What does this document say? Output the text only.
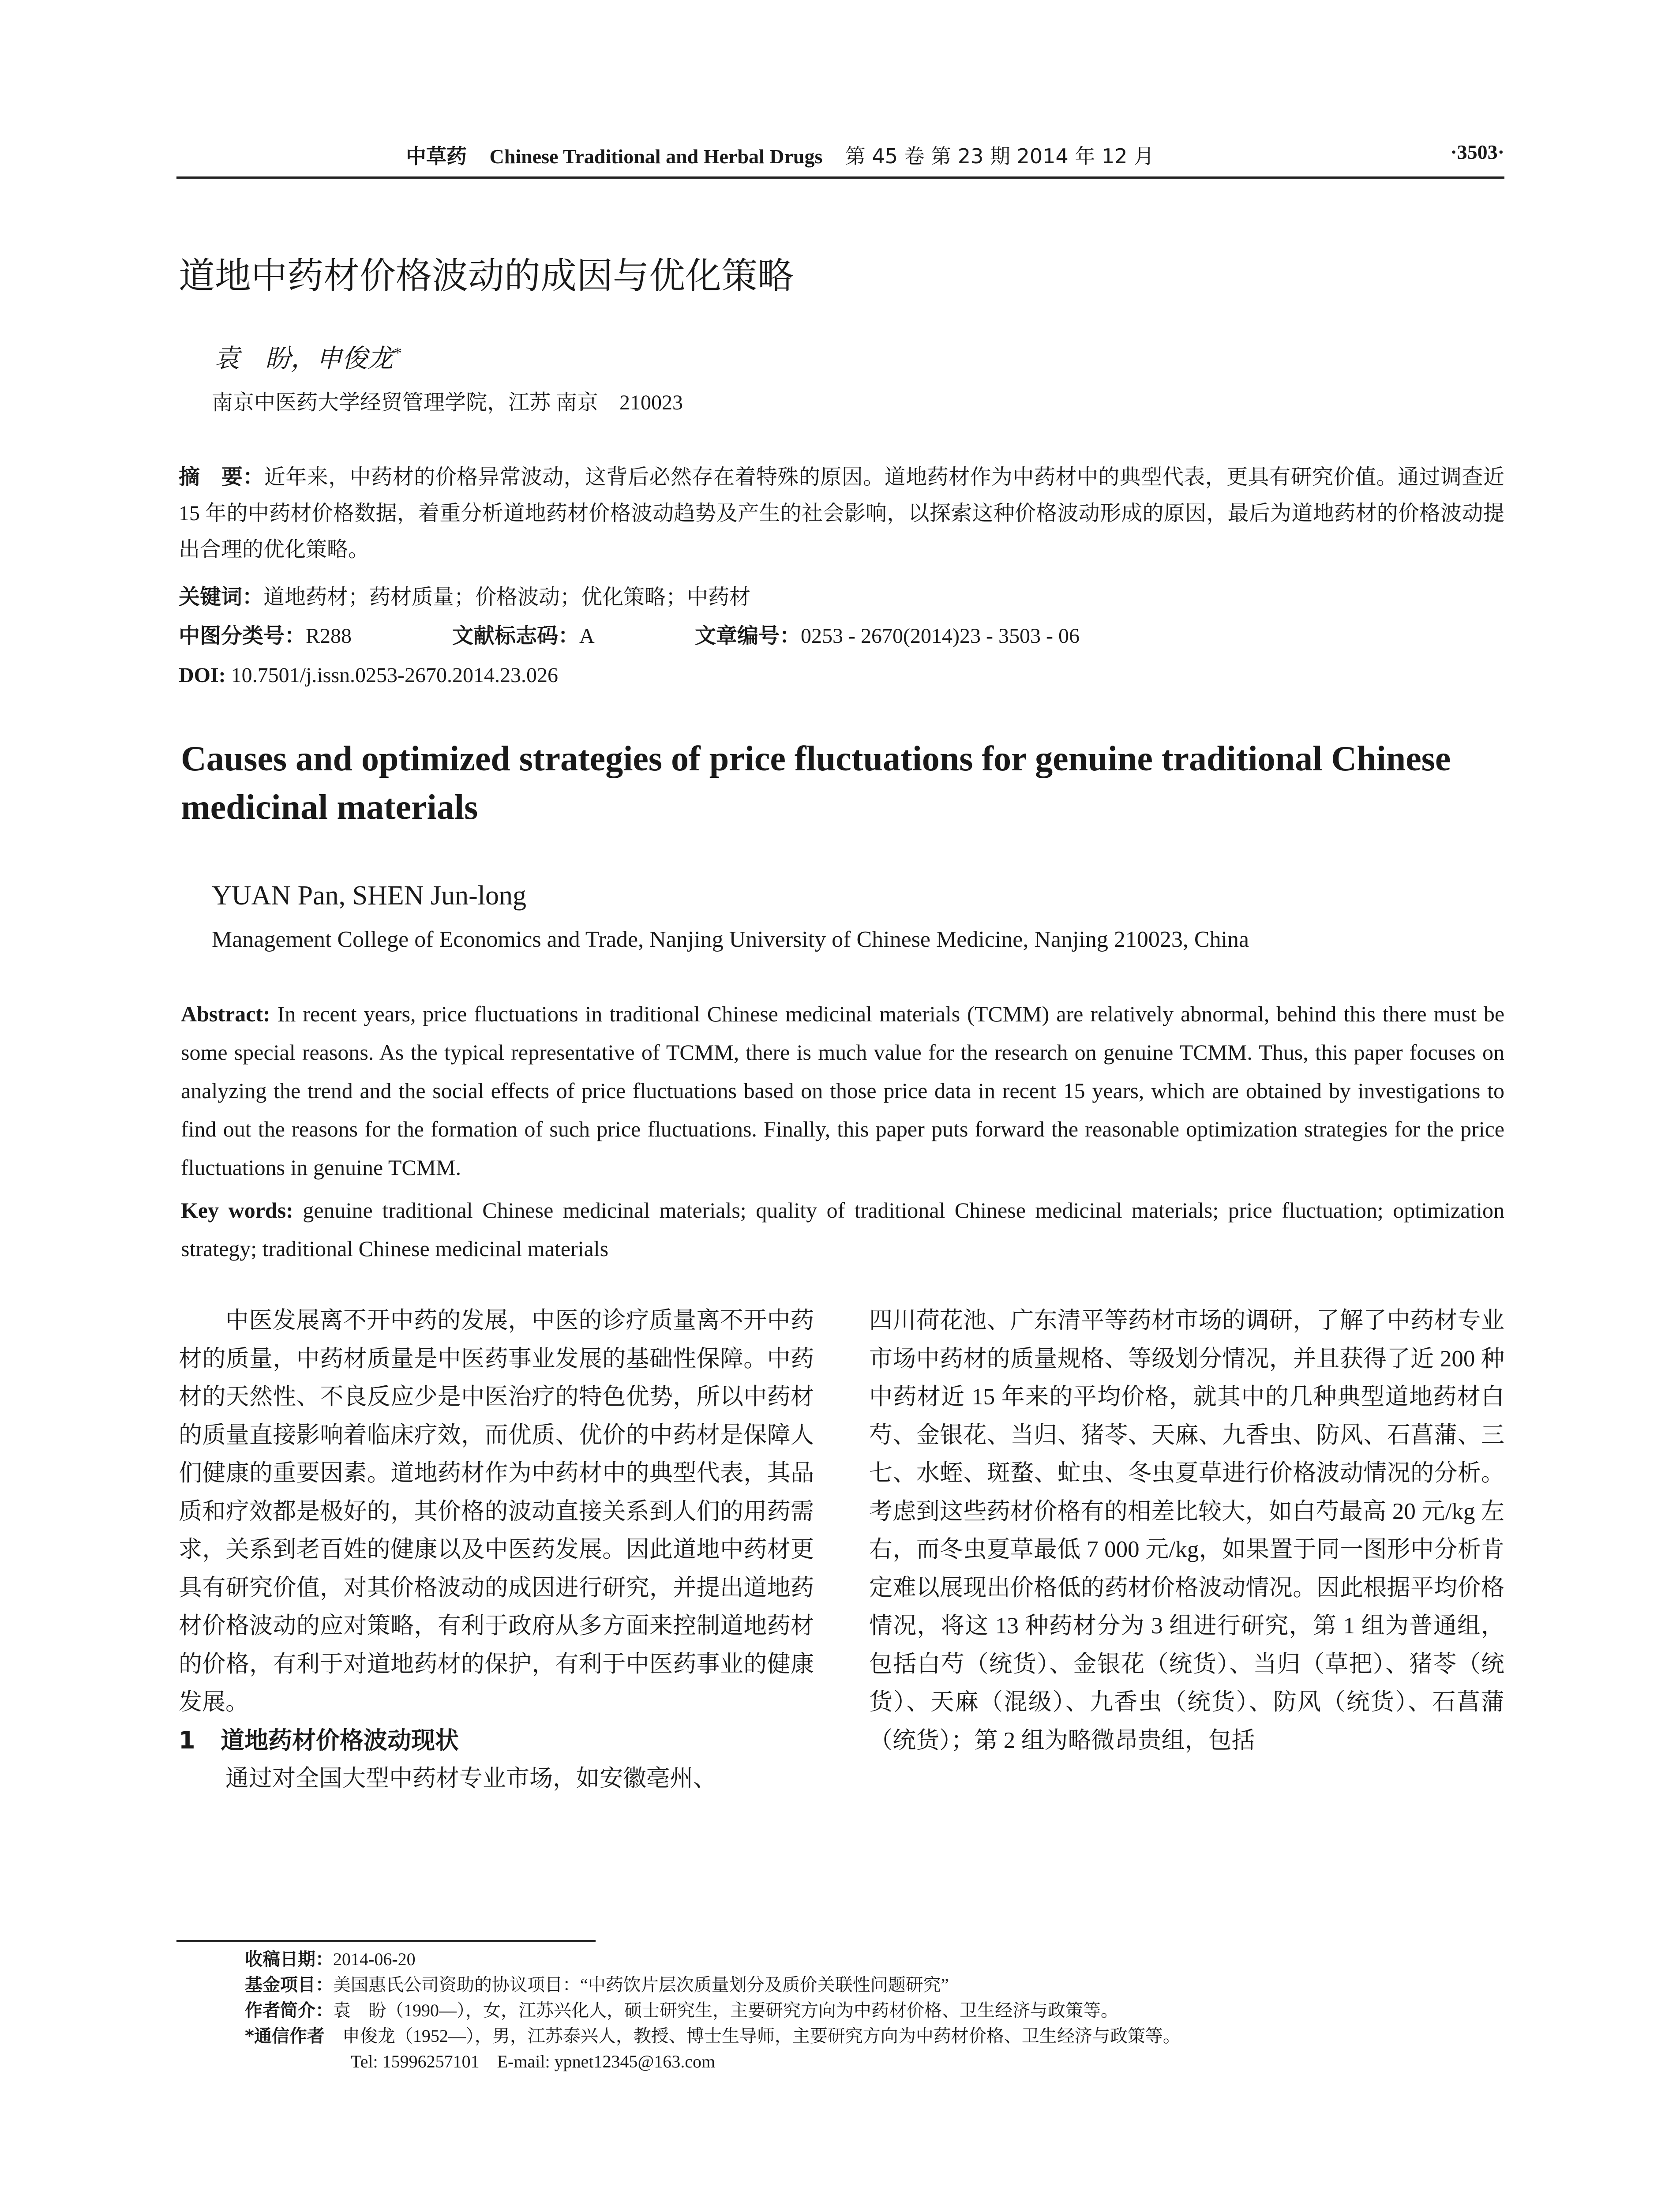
中草药 Chinese Traditional and Herbal Drugs 第 45 卷 第 23 期 2014 年 12 月	·3503·
道地中药材价格波动的成因与优化策略
袁　盼，申俊龙*
南京中医药大学经贸管理学院，江苏 南京　210023
摘　要：近年来，中药材的价格异常波动，这背后必然存在着特殊的原因。道地药材作为中药材中的典型代表，更具有研究价值。通过调查近 15 年的中药材价格数据，着重分析道地药材价格波动趋势及产生的社会影响，以探索这种价格波动形成的原因，最后为道地药材的价格波动提出合理的优化策略。
关键词：道地药材；药材质量；价格波动；优化策略；中药材
中图分类号：R288	文献标志码：A	文章编号：0253 - 2670(2014)23 - 3503 - 06
DOI: 10.7501/j.issn.0253-2670.2014.23.026
Causes and optimized strategies of price fluctuations for genuine traditional Chinese medicinal materials
YUAN Pan, SHEN Jun-long
Management College of Economics and Trade, Nanjing University of Chinese Medicine, Nanjing 210023, China
Abstract: In recent years, price fluctuations in traditional Chinese medicinal materials (TCMM) are relatively abnormal, behind this there must be some special reasons. As the typical representative of TCMM, there is much value for the research on genuine TCMM. Thus, this paper focuses on analyzing the trend and the social effects of price fluctuations based on those price data in recent 15 years, which are obtained by investigations to find out the reasons for the formation of such price fluctuations. Finally, this paper puts forward the reasonable optimization strategies for the price fluctuations in genuine TCMM.
Key words: genuine traditional Chinese medicinal materials; quality of traditional Chinese medicinal materials; price fluctuation; optimization strategy; traditional Chinese medicinal materials

中医发展离不开中药的发展，中医的诊疗质量离不开中药材的质量，中药材质量是中医药事业发展的基础性保障。中药材的天然性、不良反应少是中医治疗的特色优势，所以中药材的质量直接影响着临床疗效，而优质、优价的中药材是保障人们健康的重要因素。道地药材作为中药材中的典型代表，其品质和疗效都是极好的，其价格的波动直接关系到人们的用药需求，关系到老百姓的健康以及中医药发展。因此道地中药材更具有研究价值，对其价格波动的成因进行研究，并提出道地药材价格波动的应对策略，有利于政府从多方面来控制道地药材的价格，有利于对道地药材的保护，有利于中医药事业的健康发展。

1 道地药材价格波动现状

通过对全国大型中药材专业市场，如安徽亳州、

四川荷花池、广东清平等药材市场的调研，了解了中药材专业市场中药材的质量规格、等级划分情况，并且获得了近 200 种中药材近 15 年来的平均价格，就其中的几种典型道地药材白芍、金银花、当归、猪苓、天麻、九香虫、防风、石菖蒲、三七、水蛭、斑蝥、虻虫、冬虫夏草进行价格波动情况的分析。考虑到这些药材价格有的相差比较大，如白芍最高 20 元/kg 左右，而冬虫夏草最低 7 000 元/kg，如果置于同一图形中分析肯定难以展现出价格低的药材价格波动情况。因此根据平均价格情况，将这 13 种药材分为 3 组进行研究，第 1 组为普通组，包括白芍（统货）、金银花（统货）、当归（草把）、猪苓（统货）、天麻（混级）、九香虫（统货）、防风（统货）、石菖蒲（统货）；第 2 组为略微昂贵组，包括

收稿日期：2014-06-20
基金项目：美国惠氏公司资助的协议项目：“中药饮片层次质量划分及质价关联性问题研究”
作者简介：袁　盼（1990—），女，江苏兴化人，硕士研究生，主要研究方向为中药材价格、卫生经济与政策等。
*通信作者　 申俊龙（1952—），男，江苏泰兴人，教授、博士生导师，主要研究方向为中药材价格、卫生经济与政策等。
Tel: 15996257101　E-mail: ypnet12345@163.com
